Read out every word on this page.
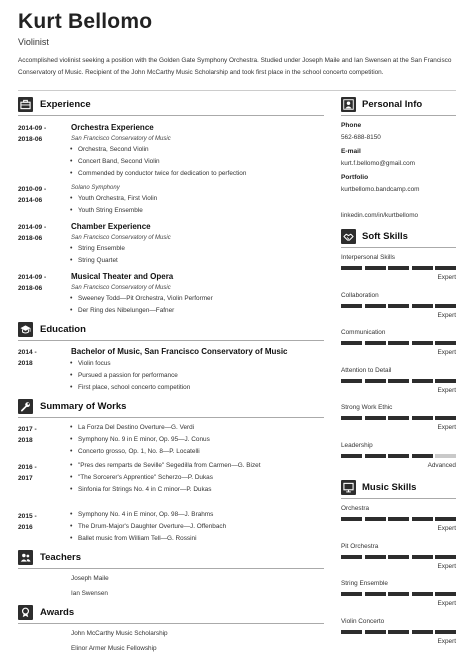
Kurt Bellomo
Violinist
Accomplished violinist seeking a position with the Golden Gate Symphony Orchestra. Studied under Joseph Maile and Ian Swensen at the San Francisco Conservatory of Music. Recipient of the John McCarthy Music Scholarship and took first place in the school concerto competition.
Experience
2014-09 -
2018-06
Orchestra Experience
San Francisco Conservatory of Music
• Orchestra, Second Violin
• Concert Band, Second Violin
• Commended by conductor twice for dedication to perfection
2010-09 -
2014-06
Solano Symphony
• Youth Orchestra, First Violin
• Youth String Ensemble
2014-09 -
2018-06
Chamber Experience
San Francisco Conservatory of Music
• String Ensemble
• String Quartet
2014-09 -
2018-06
Musical Theater and Opera
San Francisco Conservatory of Music
• Sweeney Todd—Pit Orchestra, Violin Performer
• Der Ring des Nibelungen—Fafner
Education
2014 -
2018
Bachelor of Music, San Francisco Conservatory of Music
• Violin focus
• Pursued a passion for performance
• First place, school concerto competition
Summary of Works
2017 -
2018
• La Forza Del Destino Overture—G. Verdi
• Symphony No. 9 in E minor, Op. 95—J. Conus
• Concerto grosso, Op. 1, No. 8—P. Locatelli
2016 -
2017
• "Pres des remparts de Seville" Segedilla from Carmen—G. Bizet
• "The Sorcerer's Apprentice" Scherzo—P. Dukas
• Sinfonia for Strings No. 4 in C minor—P. Dukas
2015 -
2016
• Symphony No. 4 in E minor, Op. 98—J. Brahms
• The Drum-Major's Daughter Overture—J. Offenbach
• Ballet music from William Tell—G. Rossini
Teachers
Joseph Maile
Ian Swensen
Awards
John McCarthy Music Scholarship
Elinor Armer Music Fellowship
Personal Info
Phone
562-688-8150
E-mail
kurt.f.bellomo@gmail.com
Portfolio
kurtbellomo.bandcamp.com
linkedin.com/in/kurtbellomo
Soft Skills
Interpersonal Skills
Expert
Collaboration
Expert
Communication
Expert
Attention to Detail
Expert
Strong Work Ethic
Expert
Leadership
Advanced
Music Skills
Orchestra
Expert
Pit Orchestra
Expert
String Ensemble
Expert
Violin Concerto
Expert
